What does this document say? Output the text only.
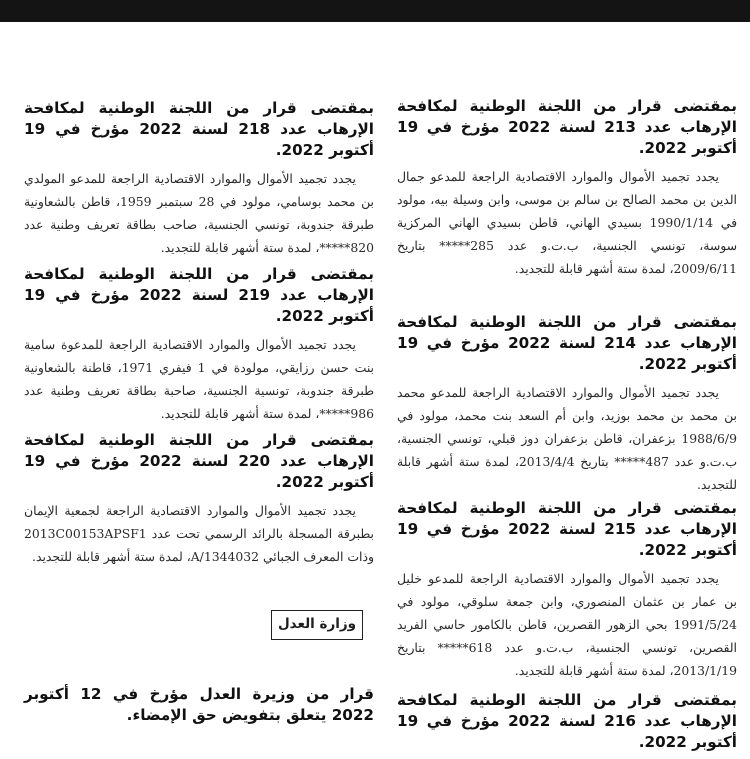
بمقتضى قرار من اللجنة الوطنية لمكافحة الإرهاب عدد 213 لسنة 2022 مؤرخ في 19 أكتوبر 2022.

يجدد تجميد الأموال والموارد الاقتصادية الراجعة للمدعو جمال الدين بن محمد الصالح بن سالم بن موسى، وابن وسيلة بيه، مولود في 1990/1/14 بسيدي الهاني، قاطن بسيدي الهاني المركزية سوسة، تونسي الجنسية، ب.ت.و عدد 285***** بتاريخ 2009/6/11، لمدة ستة أشهر قابلة للتجديد.

بمقتضى قرار من اللجنة الوطنية لمكافحة الإرهاب عدد 214 لسنة 2022 مؤرخ في 19 أكتوبر 2022.

يجدد تجميد الأموال والموارد الاقتصادية الراجعة للمدعو محمد بن محمد بن محمد بوزيد، وابن أم السعد بنت محمد، مولود في 1988/6/9 بزعفران، قاطن بزعفران دوز قبلي، تونسي الجنسية، ب.ت.و عدد 487***** بتاريخ 2013/4/4، لمدة ستة أشهر قابلة للتجديد.

بمقتضى قرار من اللجنة الوطنية لمكافحة الإرهاب عدد 215 لسنة 2022 مؤرخ في 19 أكتوبر 2022.

يجدد تجميد الأموال والموارد الاقتصادية الراجعة للمدعو خليل بن عمار بن عثمان المنصوري، وابن جمعة سلوقي، مولود في 1991/5/24 بحي الزهور القصرين، قاطن بالكامور حاسي الفريد القصرين، تونسي الجنسية، ب.ت.و عدد 618***** بتاريخ 2013/1/19، لمدة ستة أشهر قابلة للتجديد.

بمقتضى قرار من اللجنة الوطنية لمكافحة الإرهاب عدد 216 لسنة 2022 مؤرخ في 19 أكتوبر 2022.

بمقتضى قرار من اللجنة الوطنية لمكافحة الإرهاب عدد 218 لسنة 2022 مؤرخ في 19 أكتوبر 2022.

يجدد تجميد الأموال والموارد الاقتصادية الراجعة للمدعو المولدي بن محمد بوسامي، مولود في 28 سبتمبر 1959، قاطن بالشعاونية طبرقة جندوبة، تونسي الجنسية، صاحب بطاقة تعريف وطنية عدد 820*****، لمدة ستة أشهر قابلة للتجديد.

بمقتضى قرار من اللجنة الوطنية لمكافحة الإرهاب عدد 219 لسنة 2022 مؤرخ في 19 أكتوبر 2022.

يجدد تجميد الأموال والموارد الاقتصادية الراجعة للمدعوة سامية بنت حسن رزايقي، مولودة في 1 فيفري 1971، قاطنة بالشعاونية طبرقة جندوبة، تونسية الجنسية، صاحبة بطاقة تعريف وطنية عدد 986*****، لمدة ستة أشهر قابلة للتجديد.

بمقتضى قرار من اللجنة الوطنية لمكافحة الإرهاب عدد 220 لسنة 2022 مؤرخ في 19 أكتوبر 2022.

يجدد تجميد الأموال والموارد الاقتصادية الراجعة لجمعية الإيمان بطبرقة المسجلة بالرائد الرسمي تحت عدد 2013C00153APSF1 وذات المعرف الجبائي A/1344032، لمدة ستة أشهر قابلة للتجديد.

قرار من وزيرة العدل مؤرخ في 12 أكتوبر 2022 يتعلق بتفويض حق الإمضاء.

وزارة العدل
